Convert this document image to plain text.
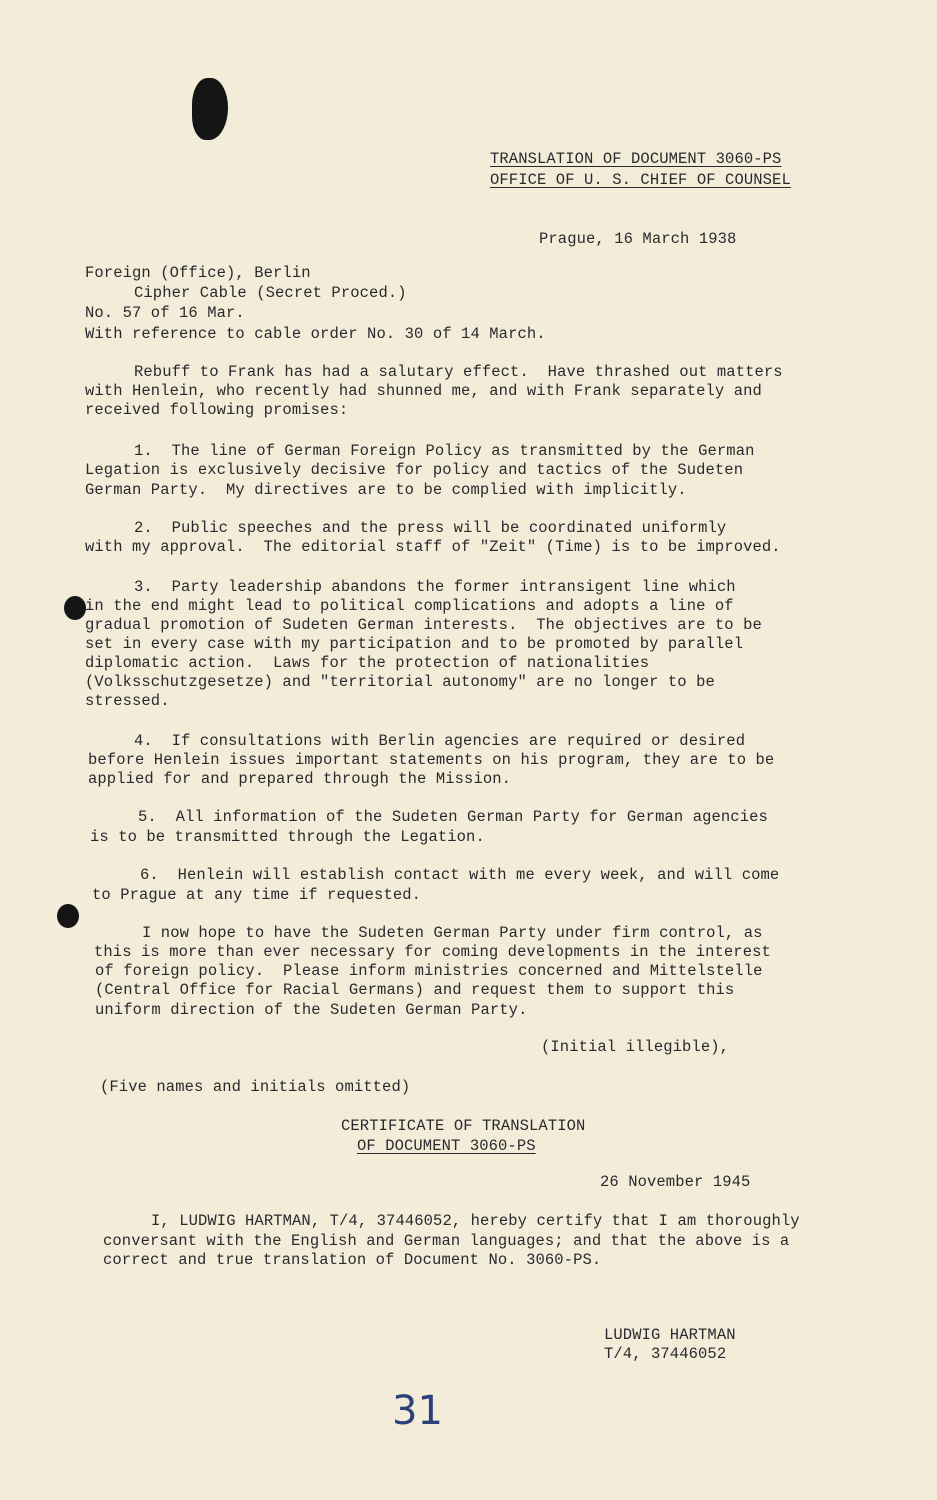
TRANSLATION OF DOCUMENT 3060-PS
OFFICE OF U. S. CHIEF OF COUNSEL
Prague, 16 March 1938
Foreign (Office), Berlin
Cipher Cable (Secret Proced.)
No. 57 of 16 Mar.
With reference to cable order No. 30 of 14 March.
Rebuff to Frank has had a salutary effect.  Have thrashed out matters
with Henlein, who recently had shunned me, and with Frank separately and
received following promises:
1.  The line of German Foreign Policy as transmitted by the German
Legation is exclusively decisive for policy and tactics of the Sudeten
German Party.  My directives are to be complied with implicitly.
2.  Public speeches and the press will be coordinated uniformly
with my approval.  The editorial staff of "Zeit" (Time) is to be improved.
3.  Party leadership abandons the former intransigent line which
in the end might lead to political complications and adopts a line of
gradual promotion of Sudeten German interests.  The objectives are to be
set in every case with my participation and to be promoted by parallel
diplomatic action.  Laws for the protection of nationalities
(Volksschutzgesetze) and "territorial autonomy" are no longer to be
stressed.
4.  If consultations with Berlin agencies are required or desired
before Henlein issues important statements on his program, they are to be
applied for and prepared through the Mission.
5.  All information of the Sudeten German Party for German agencies
is to be transmitted through the Legation.
6.  Henlein will establish contact with me every week, and will come
to Prague at any time if requested.
I now hope to have the Sudeten German Party under firm control, as
this is more than ever necessary for coming developments in the interest
of foreign policy.  Please inform ministries concerned and Mittelstelle
(Central Office for Racial Germans) and request them to support this
uniform direction of the Sudeten German Party.
(Initial illegible),
(Five names and initials omitted)
CERTIFICATE OF TRANSLATION
OF DOCUMENT 3060-PS
26 November 1945
I, LUDWIG HARTMAN, T/4, 37446052, hereby certify that I am thoroughly
conversant with the English and German languages; and that the above is a
correct and true translation of Document No. 3060-PS.
LUDWIG HARTMAN
T/4, 37446052
31
